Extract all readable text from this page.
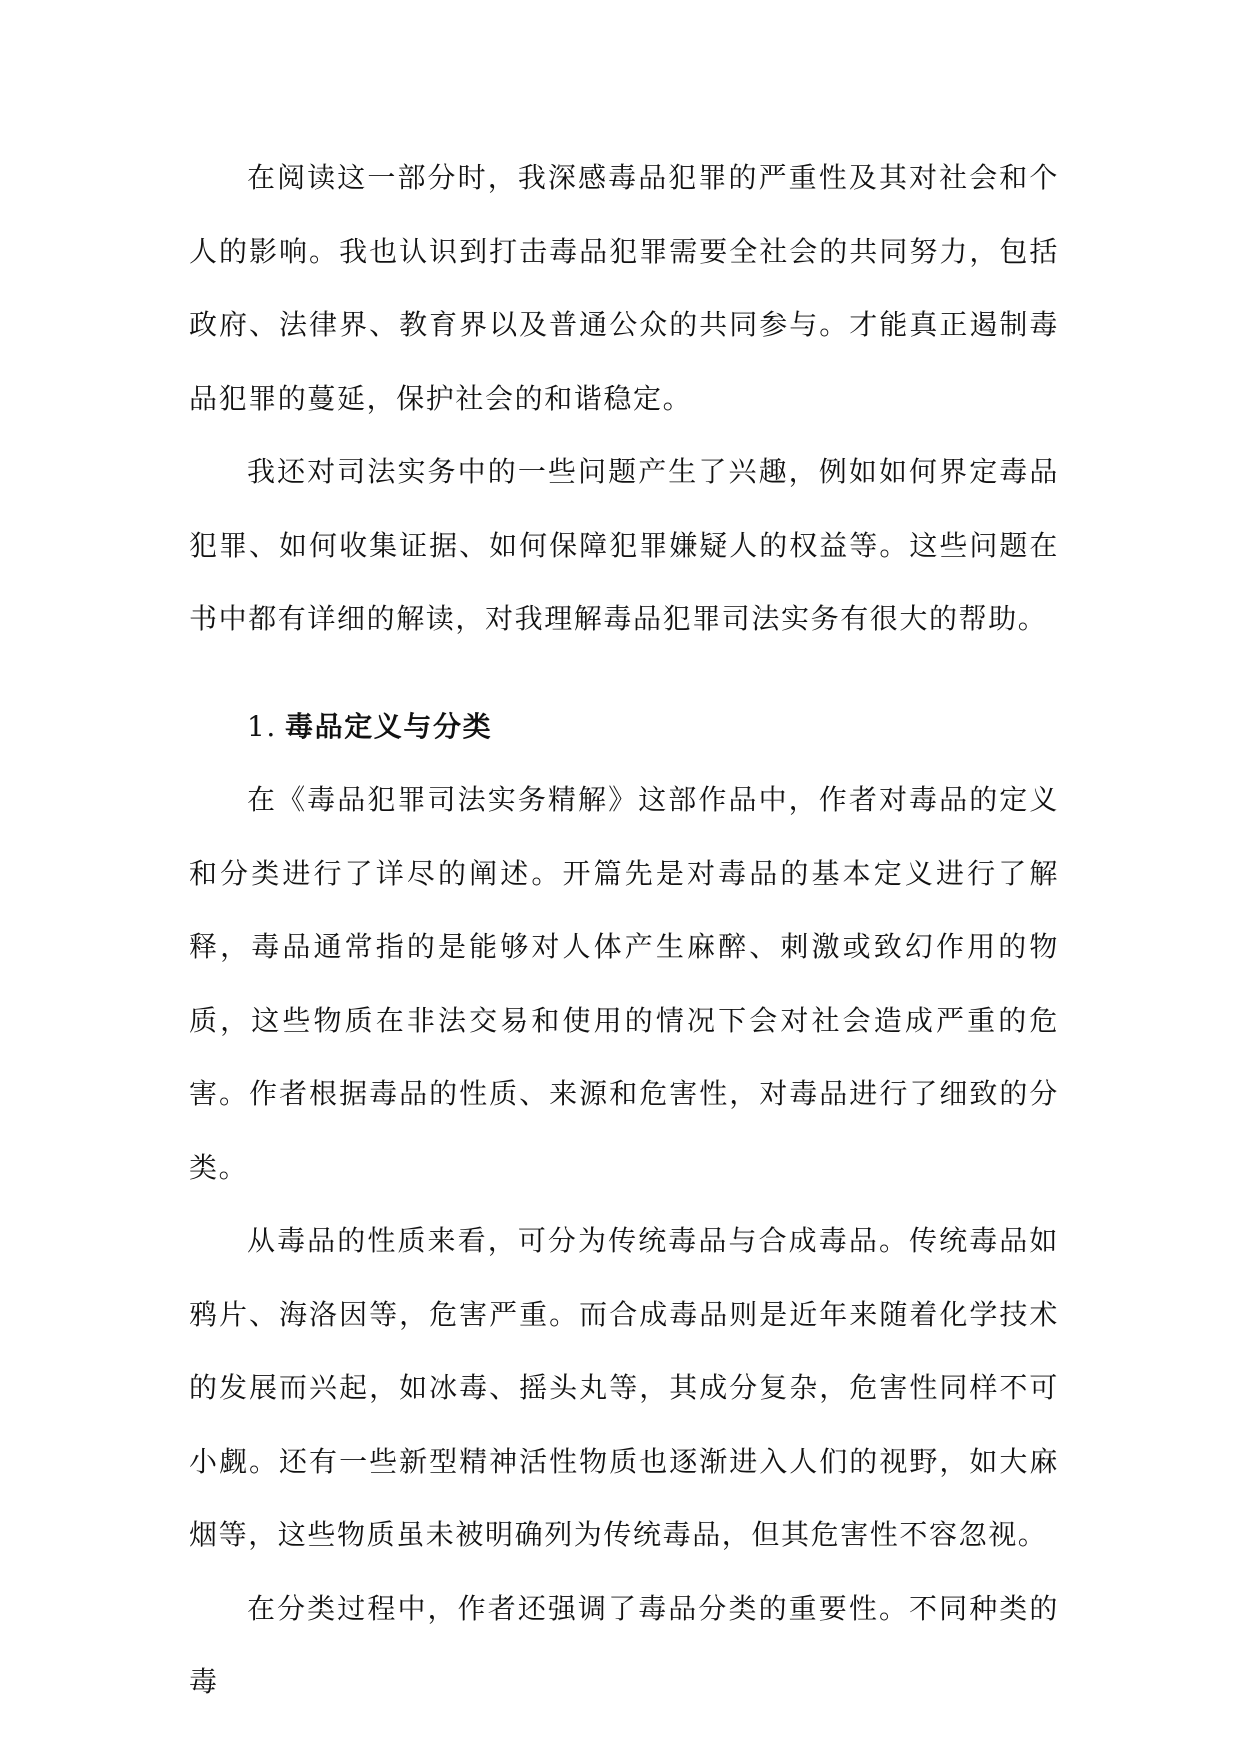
在阅读这一部分时，我深感毒品犯罪的严重性及其对社会和个人的影响。我也认识到打击毒品犯罪需要全社会的共同努力，包括政府、法律界、教育界以及普通公众的共同参与。才能真正遏制毒品犯罪的蔓延，保护社会的和谐稳定。

我还对司法实务中的一些问题产生了兴趣，例如如何界定毒品犯罪、如何收集证据、如何保障犯罪嫌疑人的权益等。这些问题在书中都有详细的解读，对我理解毒品犯罪司法实务有很大的帮助。

1. 毒品定义与分类

在《毒品犯罪司法实务精解》这部作品中，作者对毒品的定义和分类进行了详尽的阐述。开篇先是对毒品的基本定义进行了解释，毒品通常指的是能够对人体产生麻醉、刺激或致幻作用的物质，这些物质在非法交易和使用的情况下会对社会造成严重的危害。作者根据毒品的性质、来源和危害性，对毒品进行了细致的分类。

从毒品的性质来看，可分为传统毒品与合成毒品。传统毒品如鸦片、海洛因等，危害严重。而合成毒品则是近年来随着化学技术的发展而兴起，如冰毒、摇头丸等，其成分复杂，危害性同样不可小觑。还有一些新型精神活性物质也逐渐进入人们的视野，如大麻烟等，这些物质虽未被明确列为传统毒品，但其危害性不容忽视。

在分类过程中，作者还强调了毒品分类的重要性。不同种类的毒
